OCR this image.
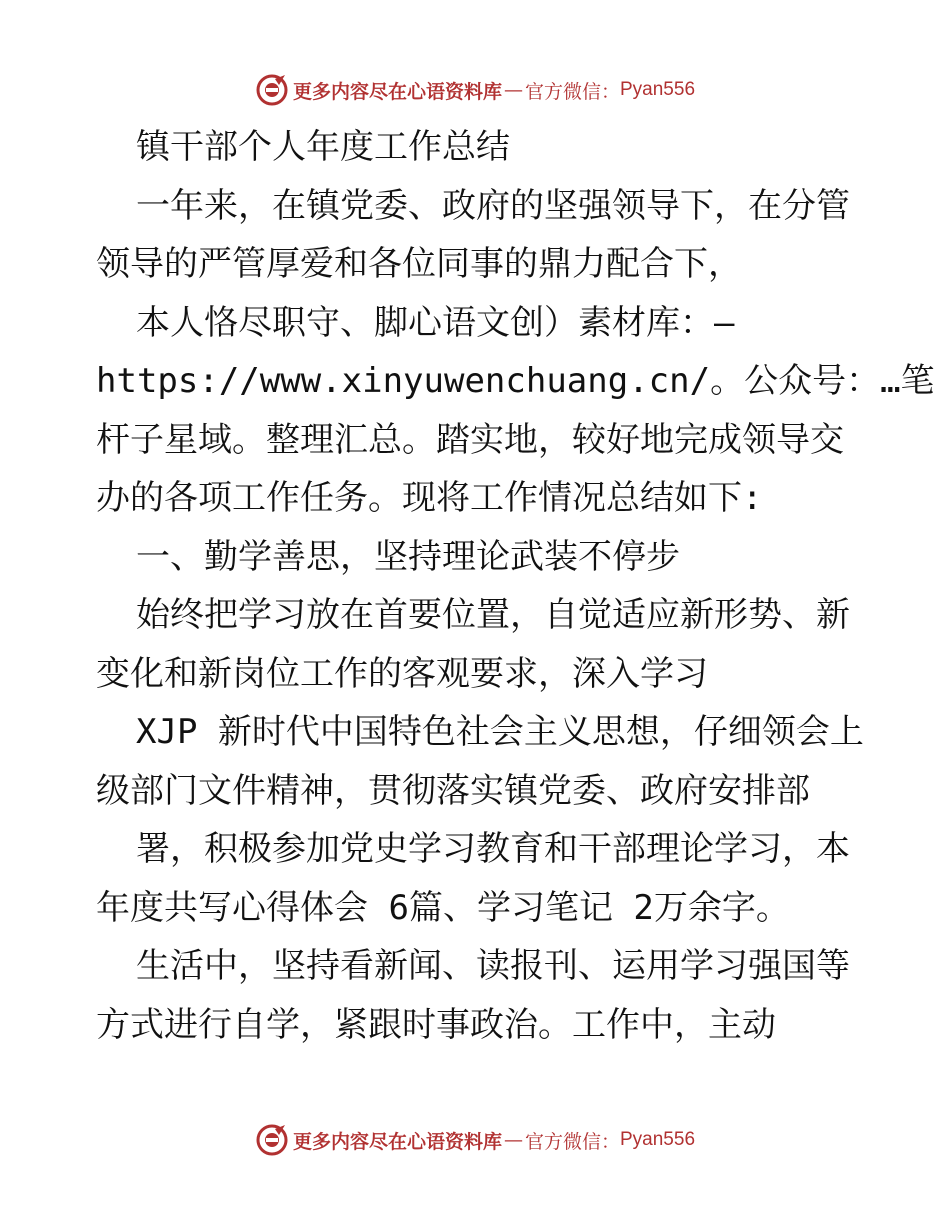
更多内容尽在心语资料库 — 官方微信： Pyan556

镇干部个人年度工作总结

一年来，在镇党委、政府的坚强领导下，在分管

领导的严管厚爱和各位同事的鼎力配合下，

本人恪尽职守、脚心语文创）素材库：—

https://www.xinyuwenchuang.cn/。公众号：…笔

杆子星域。整理汇总。踏实地，较好地完成领导交

办的各项工作任务。现将工作情况总结如下:

一、勤学善思，坚持理论武装不停步

始终把学习放在首要位置，自觉适应新形势、新

变化和新岗位工作的客观要求，深入学习

XJP 新时代中国特色社会主义思想，仔细领会上

级部门文件精神，贯彻落实镇党委、政府安排部

署，积极参加党史学习教育和干部理论学习，本

年度共写心得体会 6篇、学习笔记 2万余字。

生活中，坚持看新闻、读报刊、运用学习强国等

方式进行自学，紧跟时事政治。工作中，主动

更多内容尽在心语资料库 — 官方微信： Pyan556
